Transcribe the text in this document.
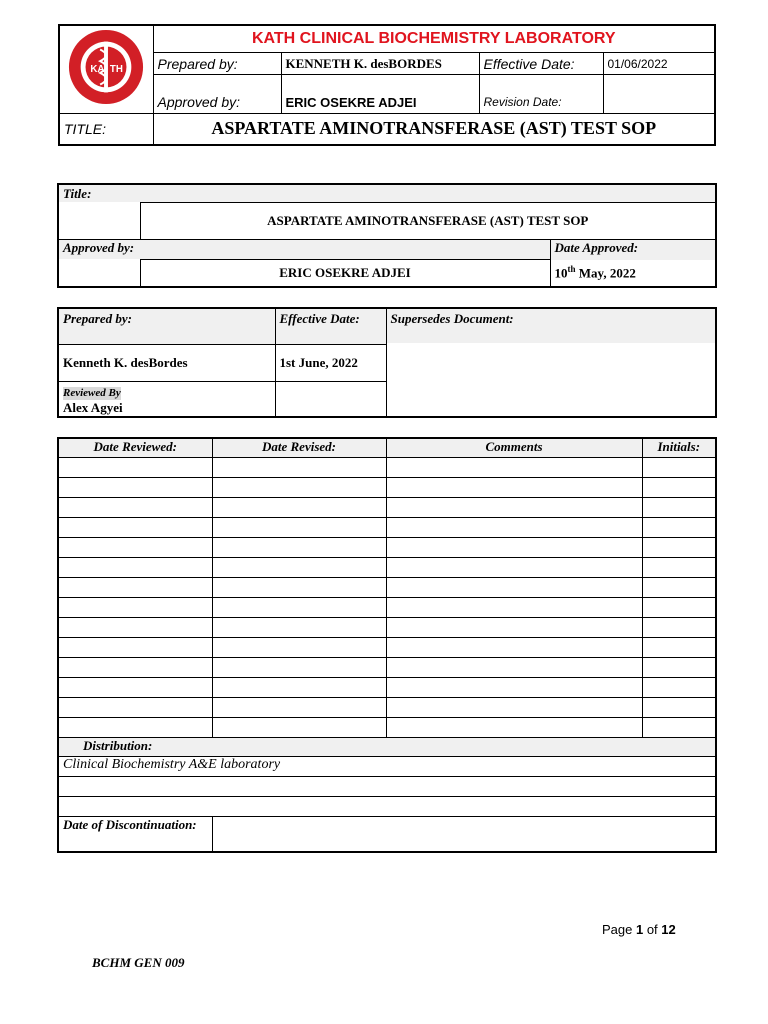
KA TH	KATH CLINICAL BIOCHEMISTRY LABORATORY			
	Prepared by:	KENNETH K. desBORDES	Effective Date:	01/06/2022
	Approved by:	ERIC OSEKRE ADJEI	Revision Date:	
TITLE:	ASPARTATE AMINOTRANSFERASE (AST) TEST SOP			
Title:		
	ASPARTATE AMINOTRANSFERASE (AST) TEST SOP	
Approved by:		Date Approved:
	ERIC OSEKRE ADJEI	10th May, 2022
Prepared by:	Effective Date:	Supersedes Document:
Kenneth K. desBordes	1st June, 2022	
Reviewed By
Alex Agyei		

Date Reviewed:	Date Revised:	Comments	Initials:

Distribution:			
Clinical Biochemistry A&E laboratory			

Date of Discontinuation:			
Page 1 of 12
BCHM GEN 009
